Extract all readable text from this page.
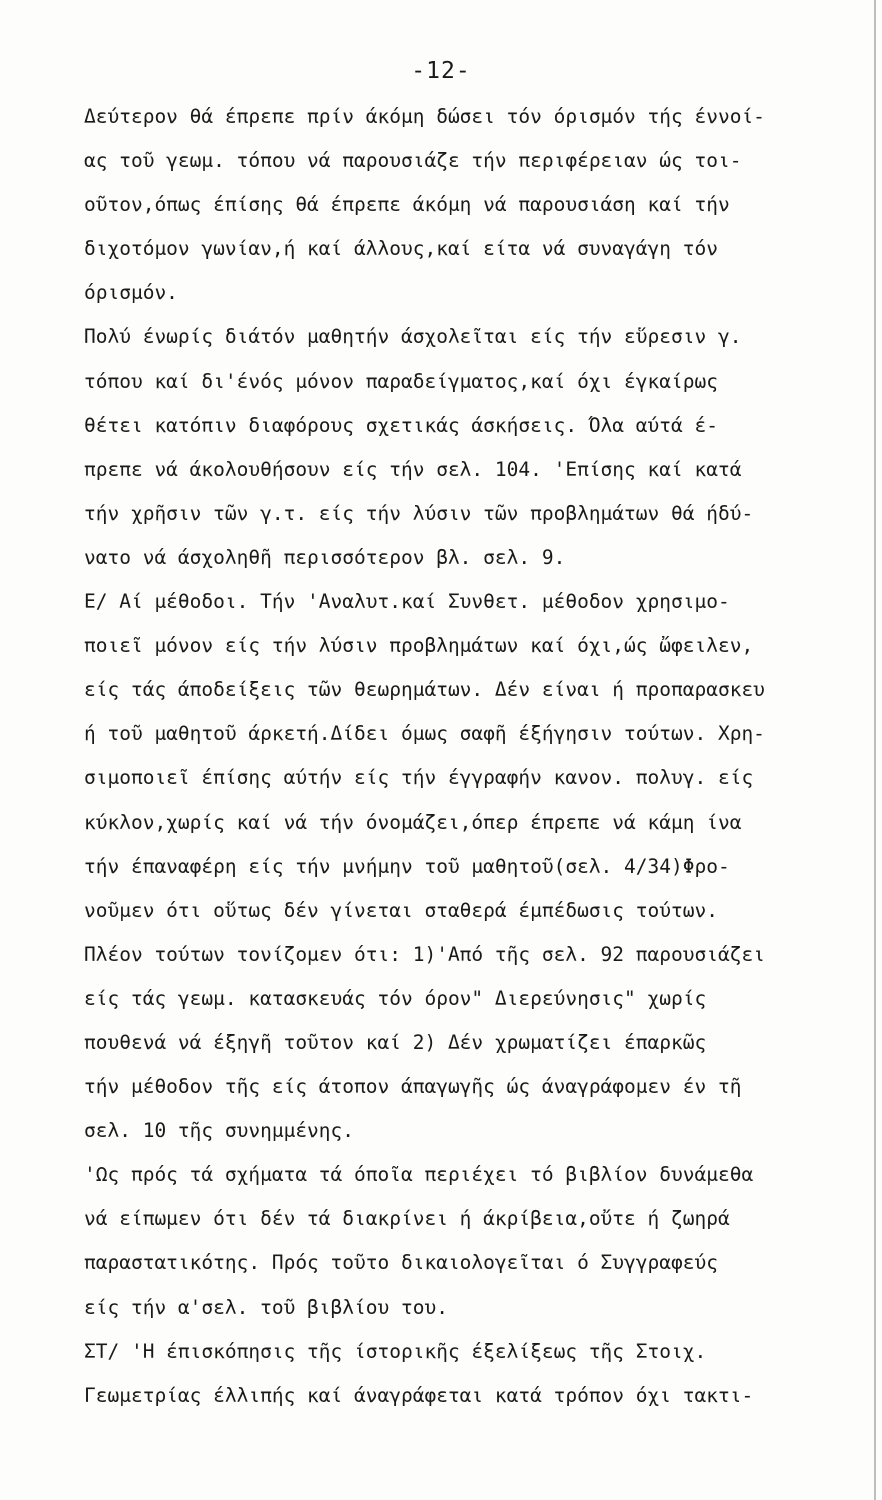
-12-
Δεύτερον θά έπρεπε πρίν άκόμη δώσει τόν όρισμόν τής έννοί-
ας τοῦ γεωμ. τόπου νά παρουσιάζε τήν περιφέρειαν ώς τοι-
οῦτον,όπως έπίσης θά έπρεπε άκόμη νά παρουσιάση καί τήν
διχοτόμον γωνίαν,ή καί άλλους,καί είτα νά συναγάγη τόν
όρισμόν.
Πολύ ένωρίς διάτόν μαθητήν άσχολεῖται είς τήν εὕρεσιν γ.
τόπου καί δι'ένός μόνον παραδείγματος,καί όχι έγκαίρως
θέτει κατόπιν διαφόρους σχετικάς άσκήσεις. Όλα αύτά έ-
πρεπε νά άκολουθήσουν είς τήν σελ. 104. 'Επίσης καί κατά
τήν χρῆσιν τῶν γ.τ. είς τήν λύσιν τῶν προβλημάτων θά ήδύ-
νατο νά άσχοληθῆ περισσότερον βλ. σελ. 9.
Ε/ Αί μέθοδοι. Τήν 'Αναλυτ.καί Συνθετ. μέθοδον χρησιμο-
ποιεῖ μόνον είς τήν λύσιν προβλημάτων καί όχι,ώς ὤφειλεν,
είς τάς άποδείξεις τῶν θεωρημάτων. Δέν είναι ή προπαρασκευ
ή τοῦ μαθητοῦ άρκετή.Δίδει όμως σαφῆ έξήγησιν τούτων. Χρη-
σιμοποιεῖ έπίσης αύτήν είς τήν έγγραφήν κανον. πολυγ. είς
κύκλον,χωρίς καί νά τήν όνομάζει,όπερ έπρεπε νά κάμη ίνα
τήν έπαναφέρη είς τήν μνήμην τοῦ μαθητοῦ(σελ. 4/34)Φρο-
νοῦμεν ότι οὕτως δέν γίνεται σταθερά έμπέδωσις τούτων.
Πλέον τούτων τονίζομεν ότι: 1)'Από τῆς σελ. 92 παρουσιάζει
είς τάς γεωμ. κατασκευάς τόν όρον" Διερεύνησις" χωρίς
πουθενά νά έξηγῆ τοῦτον καί 2) Δέν χρωματίζει έπαρκῶς
τήν μέθοδον τῆς είς άτοπον άπαγωγῆς ώς άναγράφομεν έν τῆ
σελ. 10 τῆς συνημμένης.
'Ως πρός τά σχήματα τά όποῖα περιέχει τό βιβλίον δυνάμεθα
νά είπωμεν ότι δέν τά διακρίνει ή άκρίβεια,οὔτε ή ζωηρά
παραστατικότης. Πρός τοῦτο δικαιολογεῖται ό Συγγραφεύς
είς τήν α'σελ. τοῦ βιβλίου του.
ΣΤ/ 'Η έπισκόπησις τῆς ίστορικῆς έξελίξεως τῆς Στοιχ.
Γεωμετρίας έλλιπής καί άναγράφεται κατά τρόπον όχι τακτι-
